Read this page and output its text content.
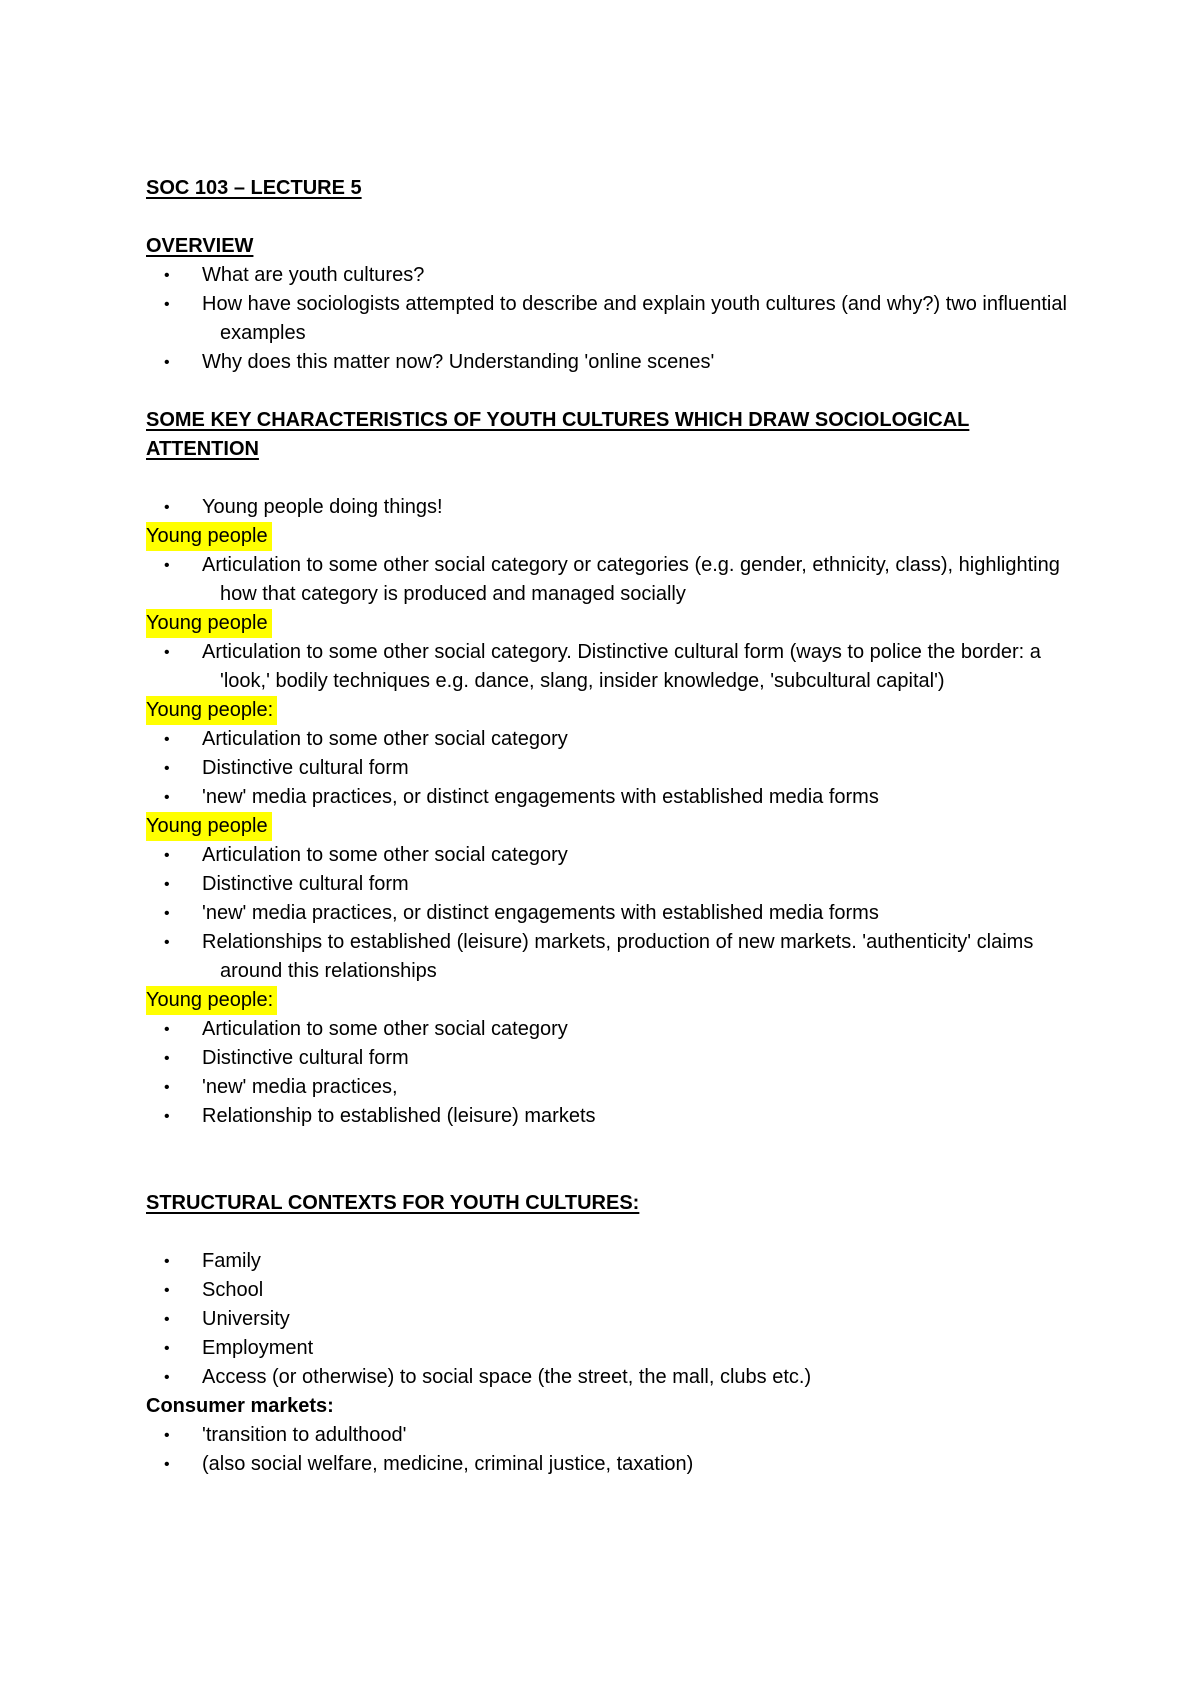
SOC 103 – LECTURE 5

OVERVIEW

• What are youth cultures?
• How have sociologists attempted to describe and explain youth cultures (and why?) two influential examples
• Why does this matter now? Understanding 'online scenes'

SOME KEY CHARACTERISTICS OF YOUTH CULTURES WHICH DRAW SOCIOLOGICAL ATTENTION

• Young people doing things!
Young people
• Articulation to some other social category or categories (e.g. gender, ethnicity, class), highlighting how that category is produced and managed socially
Young people
• Articulation to some other social category. Distinctive cultural form (ways to police the border: a 'look,' bodily techniques e.g. dance, slang, insider knowledge, 'subcultural capital')
Young people:
• Articulation to some other social category
• Distinctive cultural form
• 'new' media practices, or distinct engagements with established media forms
Young people
• Articulation to some other social category
• Distinctive cultural form
• 'new' media practices, or distinct engagements with established media forms
• Relationships to established (leisure) markets, production of new markets. 'authenticity' claims around this relationships
Young people:
• Articulation to some other social category
• Distinctive cultural form
• 'new' media practices,
• Relationship to established (leisure) markets

STRUCTURAL CONTEXTS FOR YOUTH CULTURES:

• Family
• School
• University
• Employment
• Access (or otherwise) to social space (the street, the mall, clubs etc.)

Consumer markets:

• 'transition to adulthood'
• (also social welfare, medicine, criminal justice, taxation)
